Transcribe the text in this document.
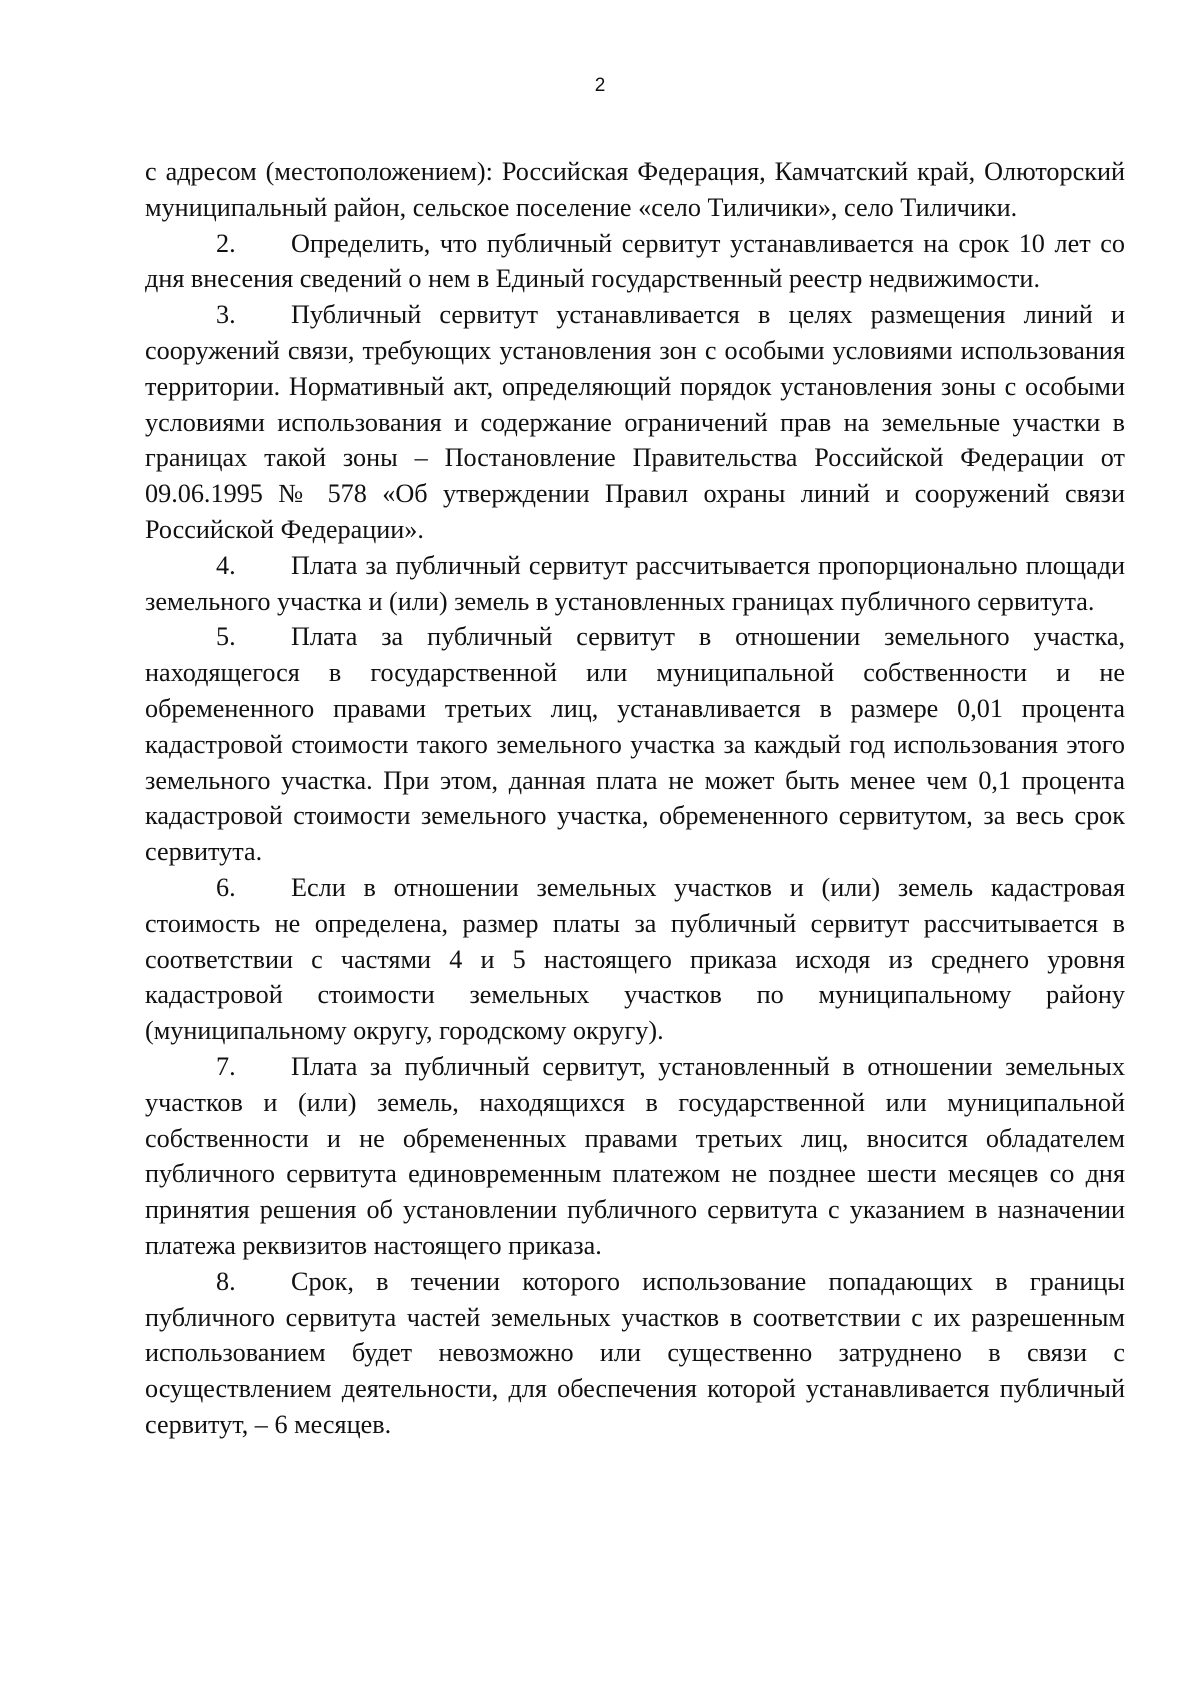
2

с адресом (местоположением): Российская Федерация, Камчатский край, Олюторский муниципальный район, сельское поселение «село Тиличики», село Тиличики.

2. Определить, что публичный сервитут устанавливается на срок 10 лет со дня внесения сведений о нем в Единый государственный реестр недвижимости.

3. Публичный сервитут устанавливается в целях размещения линий и сооружений связи, требующих установления зон с особыми условиями использования территории. Нормативный акт, определяющий порядок установления зоны с особыми условиями использования и содержание ограничений прав на земельные участки в границах такой зоны – Постановление Правительства Российской Федерации от 09.06.1995 № 578 «Об утверждении Правил охраны линий и сооружений связи Российской Федерации».

4. Плата за публичный сервитут рассчитывается пропорционально площади земельного участка и (или) земель в установленных границах публичного сервитута.

5. Плата за публичный сервитут в отношении земельного участка, находящегося в государственной или муниципальной собственности и не обремененного правами третьих лиц, устанавливается в размере 0,01 процента кадастровой стоимости такого земельного участка за каждый год использования этого земельного участка. При этом, данная плата не может быть менее чем 0,1 процента кадастровой стоимости земельного участка, обремененного сервитутом, за весь срок сервитута.

6. Если в отношении земельных участков и (или) земель кадастровая стоимость не определена, размер платы за публичный сервитут рассчитывается в соответствии с частями 4 и 5 настоящего приказа исходя из среднего уровня кадастровой стоимости земельных участков по муниципальному району (муниципальному округу, городскому округу).

7. Плата за публичный сервитут, установленный в отношении земельных участков и (или) земель, находящихся в государственной или муниципальной собственности и не обремененных правами третьих лиц, вносится обладателем публичного сервитута единовременным платежом не позднее шести месяцев со дня принятия решения об установлении публичного сервитута с указанием в назначении платежа реквизитов настоящего приказа.

8. Срок, в течении которого использование попадающих в границы публичного сервитута частей земельных участков в соответствии с их разрешенным использованием будет невозможно или существенно затруднено в связи с осуществлением деятельности, для обеспечения которой устанавливается публичный сервитут, – 6 месяцев.
